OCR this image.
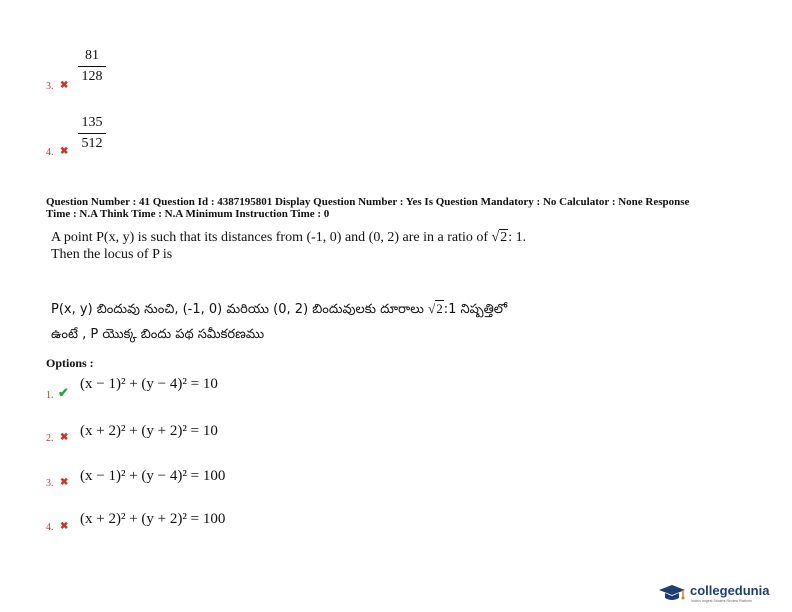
3. ✖
81
128
4. ✖
135
512
Question Number : 41 Question Id : 4387195801 Display Question Number : Yes Is Question Mandatory : No Calculator : None Response
Time : N.A Think Time : N.A Minimum Instruction Time : 0
A point P(x, y) is such that its distances from (-1, 0) and (0, 2) are in a ratio of √2: 1.
Then the locus of P is
P(x, y) బిందువు నుంచి, (-1, 0) మరియు (0, 2) బిందువులకు దూరాలు √2:1 నిష్పత్తిలో
ఉంటే , P యొక్క బిందు పథ సమీకరణము
Options :
1. ✔
(x − 1)² + (y − 4)² = 10
2. ✖ (x + 2)² + (y + 2)² = 10
3. ✖ (x − 1)² + (y − 4)² = 100
4. ✖ (x + 2)² + (y + 2)² = 100
collegedunia
India's largest Student Review Platform
